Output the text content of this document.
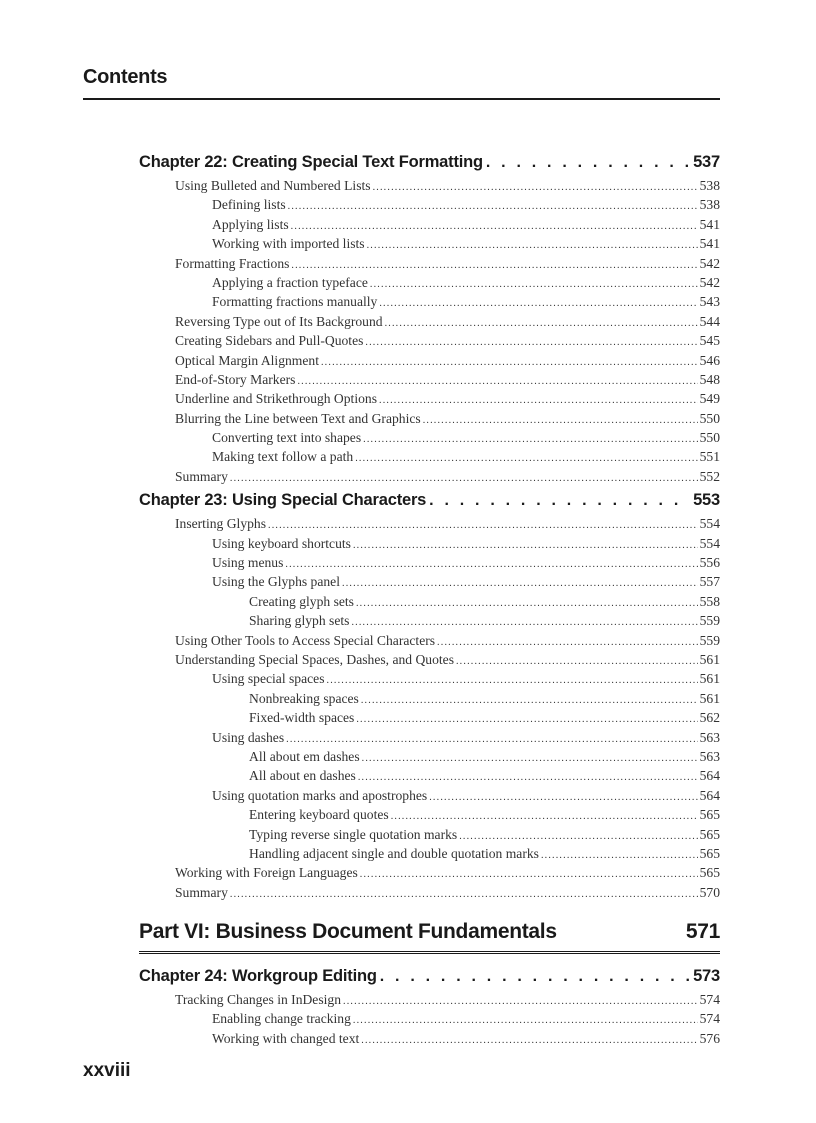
Contents
Chapter 22: Creating Special Text Formatting . . .	537
Using Bulleted and Numbered Lists .....	538
Defining lists .....	538
Applying lists .....	541
Working with imported lists .....	541
Formatting Fractions .....	542
Applying a fraction typeface .....	542
Formatting fractions manually .....	543
Reversing Type out of Its Background .....	544
Creating Sidebars and Pull-Quotes .....	545
Optical Margin Alignment .....	546
End-of-Story Markers .....	548
Underline and Strikethrough Options .....	549
Blurring the Line between Text and Graphics .....	550
Converting text into shapes .....	550
Making text follow a path .....	551
Summary .....	552
Chapter 23: Using Special Characters . . .	553
Inserting Glyphs .....	554
Using keyboard shortcuts .....	554
Using menus .....	556
Using the Glyphs panel .....	557
Creating glyph sets .....	558
Sharing glyph sets .....	559
Using Other Tools to Access Special Characters .....	559
Understanding Special Spaces, Dashes, and Quotes .....	561
Using special spaces .....	561
Nonbreaking spaces .....	561
Fixed-width spaces .....	562
Using dashes .....	563
All about em dashes .....	563
All about en dashes .....	564
Using quotation marks and apostrophes .....	564
Entering keyboard quotes .....	565
Typing reverse single quotation marks .....	565
Handling adjacent single and double quotation marks .....	565
Working with Foreign Languages .....	565
Summary .....	570
Part VI: Business Document Fundamentals	571
Chapter 24: Workgroup Editing . . .	573
Tracking Changes in InDesign .....	574
Enabling change tracking .....	574
Working with changed text .....	576
xxviii
